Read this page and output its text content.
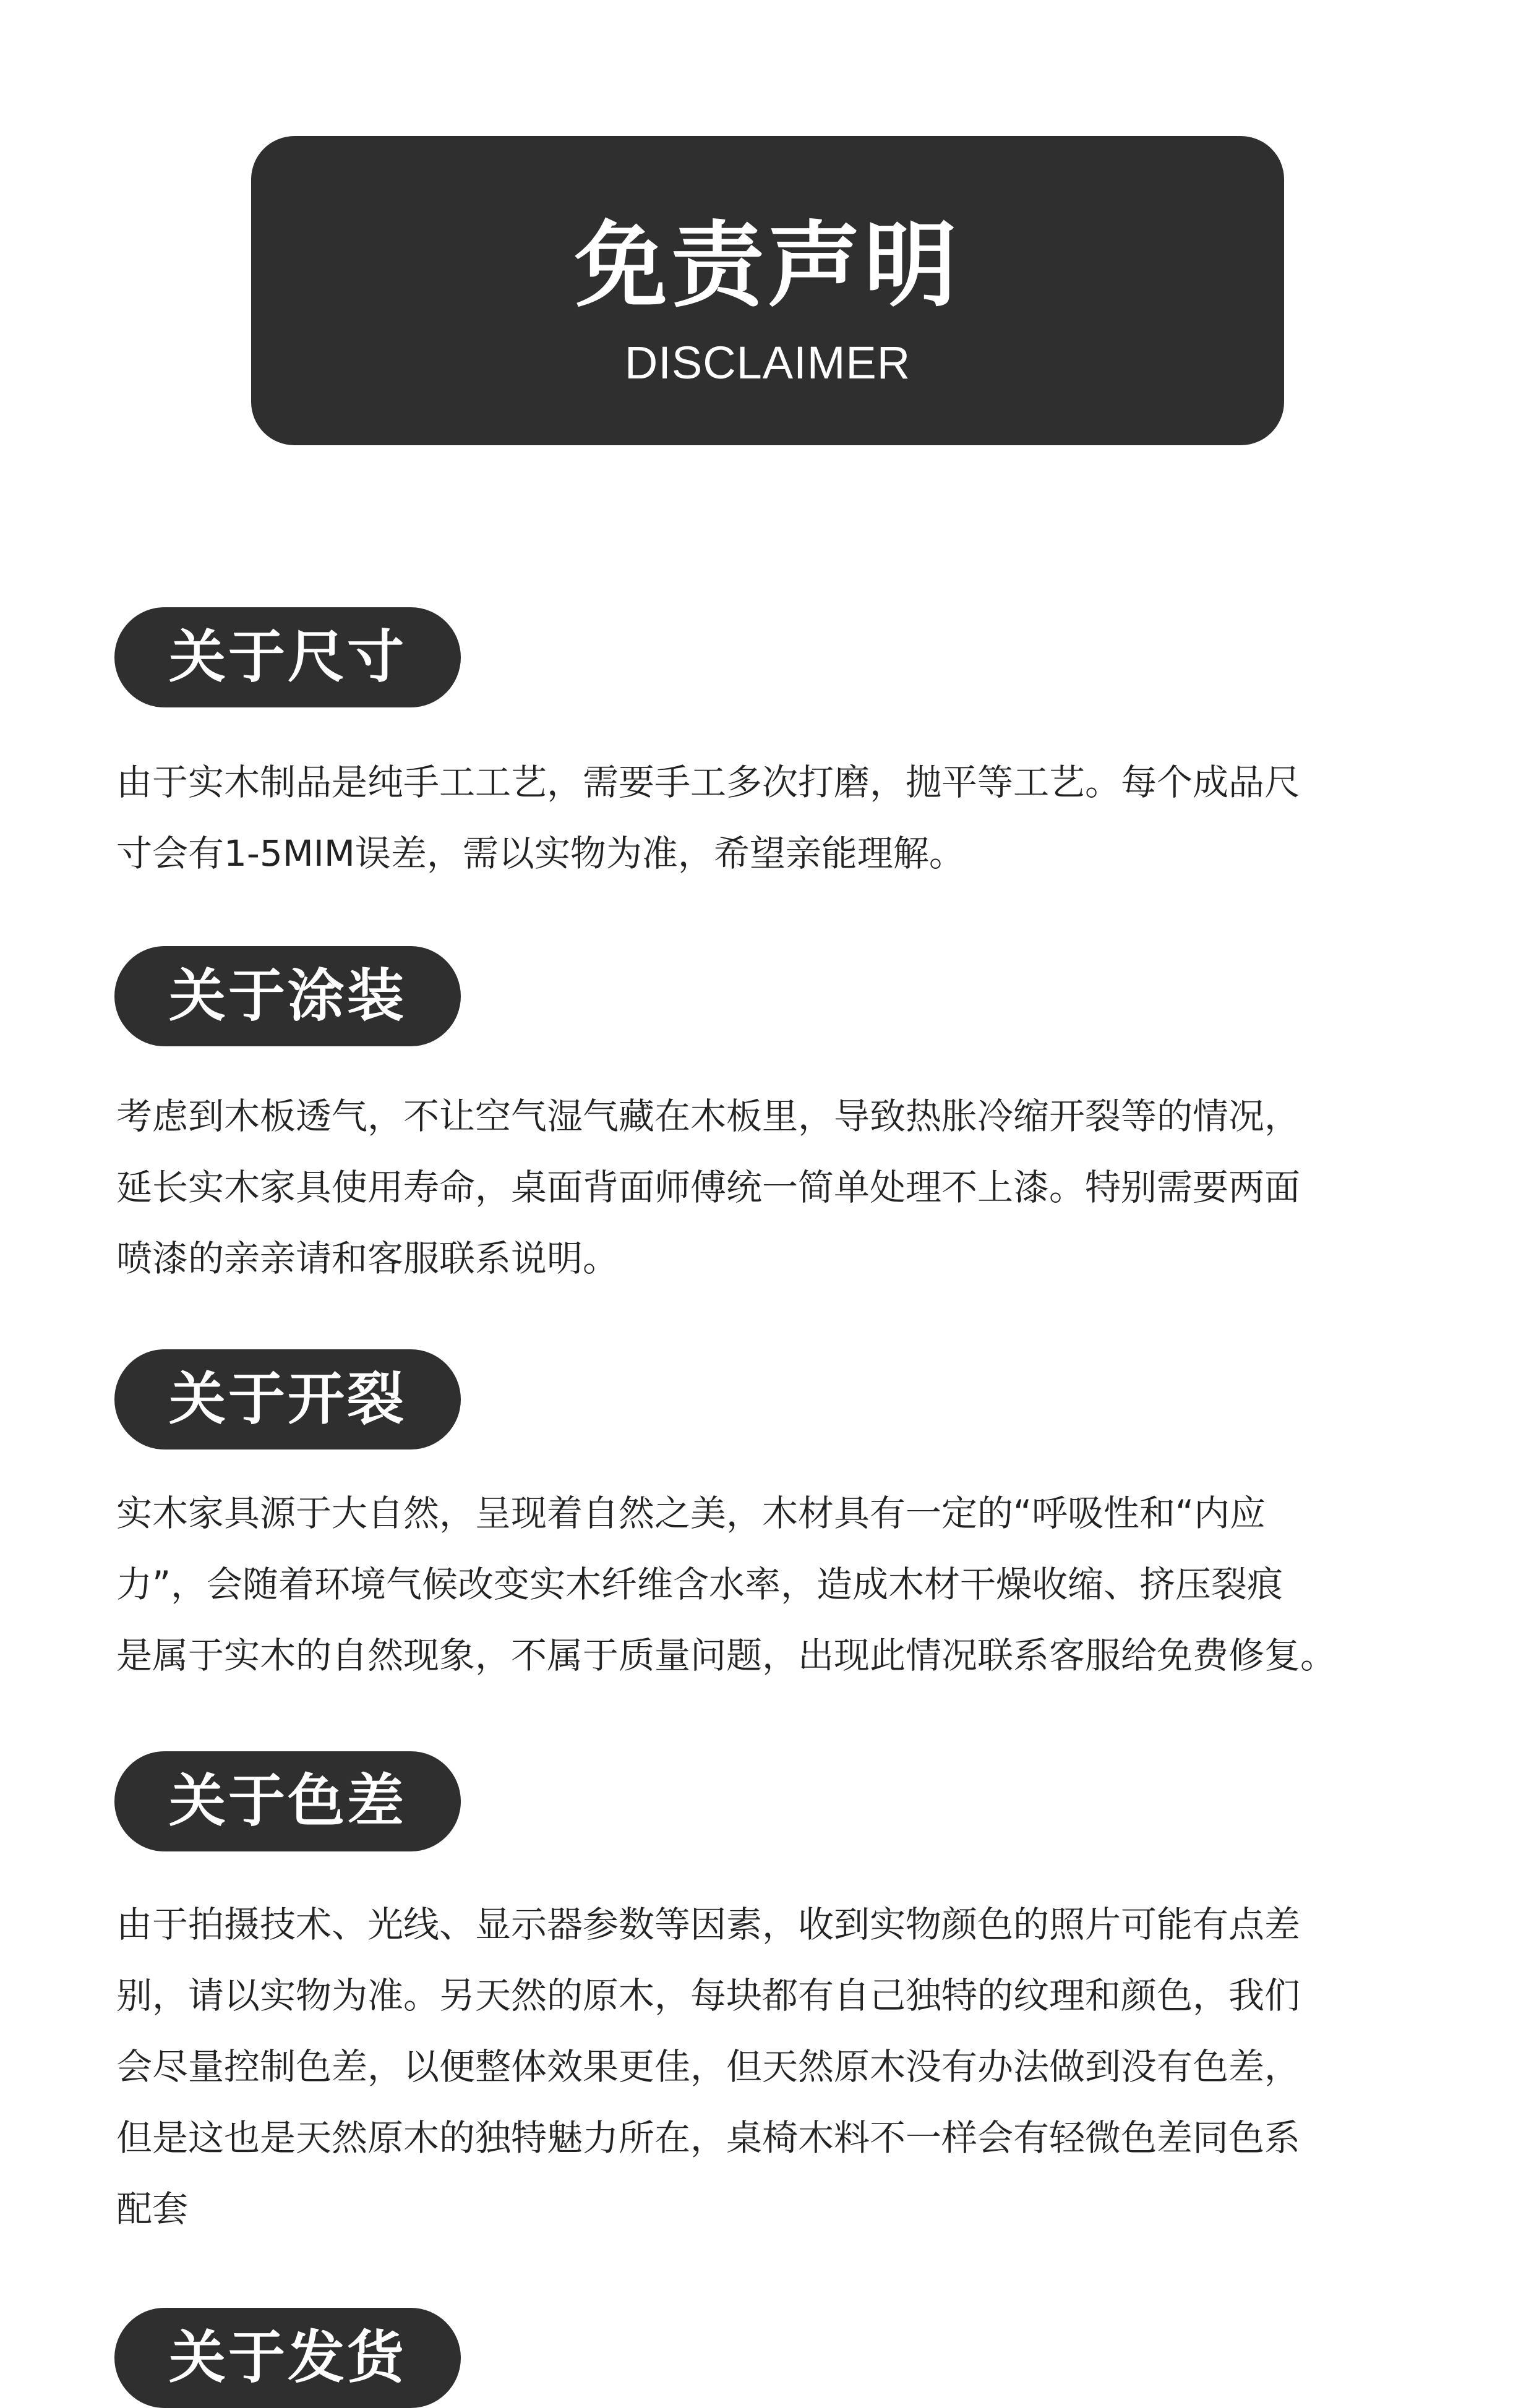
免责声明
DISCLAIMER
关于尺寸

由于实木制品是纯手工工艺，需要手工多次打磨，抛平等工艺。每个成品尺
寸会有1-5MIM误差，需以实物为准，希望亲能理解。

关于涂装

考虑到木板透气，不让空气湿气藏在木板里，导致热胀冷缩开裂等的情况，
延长实木家具使用寿命，桌面背面师傅统一简单处理不上漆。特别需要两面
喷漆的亲亲请和客服联系说明。

关于开裂

实木家具源于大自然，呈现着自然之美，木材具有一定的“呼吸性和“内应
力”，会随着环境气候改变实木纤维含水率，造成木材干燥收缩、挤压裂痕
是属于实木的自然现象，不属于质量问题，出现此情况联系客服给免费修复。

关于色差

由于拍摄技术、光线、显示器参数等因素，收到实物颜色的照片可能有点差
别，请以实物为准。另天然的原木，每块都有自己独特的纹理和颜色，我们
会尽量控制色差，以便整体效果更佳，但天然原木没有办法做到没有色差，
但是这也是天然原木的独特魅力所在，桌椅木料不一样会有轻微色差同色系
配套

关于发货
